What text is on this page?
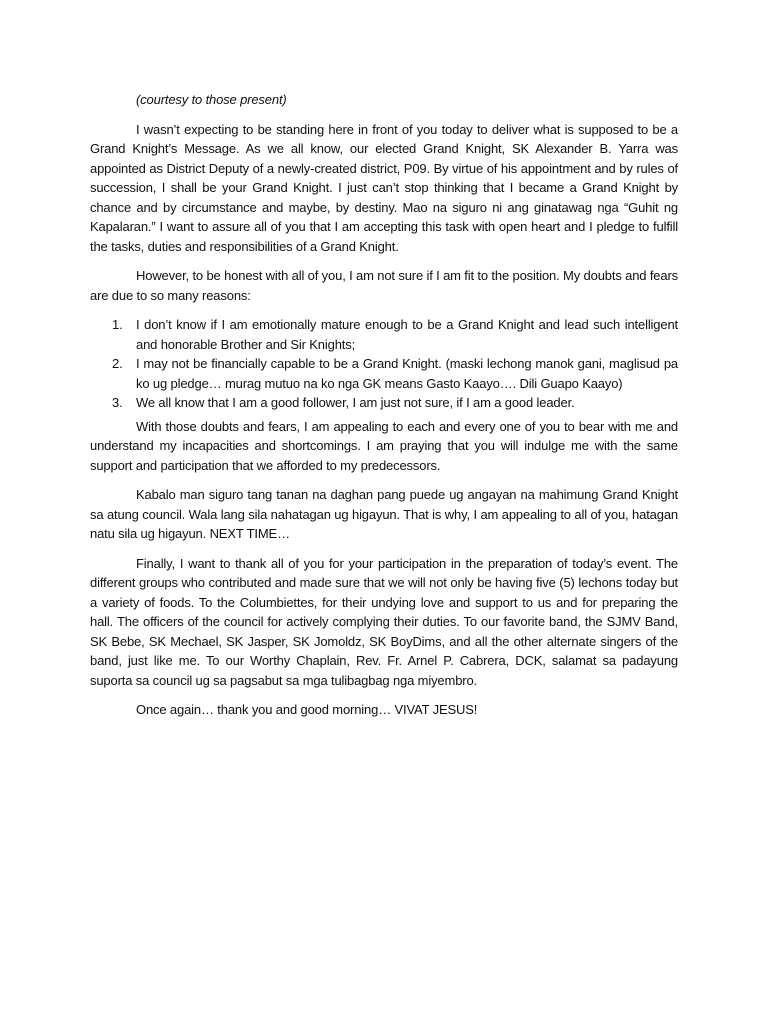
(courtesy to those present)

I wasn’t expecting to be standing here in front of you today to deliver what is supposed to be a Grand Knight’s Message. As we all know, our elected Grand Knight, SK Alexander B. Yarra was appointed as District Deputy of a newly-created district, P09. By virtue of his appointment and by rules of succession, I shall be your Grand Knight. I just can’t stop thinking that I became a Grand Knight by chance and by circumstance and maybe, by destiny. Mao na siguro ni ang ginatawag nga “Guhit ng Kapalaran.” I want to assure all of you that I am accepting this task with open heart and I pledge to fulfill the tasks, duties and responsibilities of a Grand Knight.

However, to be honest with all of you, I am not sure if I am fit to the position. My doubts and fears are due to so many reasons:

1.	I don’t know if I am emotionally mature enough to be a Grand Knight and lead such intelligent and honorable Brother and Sir Knights;
2.	I may not be financially capable to be a Grand Knight. (maski lechong manok gani, maglisud pa ko ug pledge… murag mutuo na ko nga GK means Gasto Kaayo…. Dili Guapo Kaayo)
3.	We all know that I am a good follower, I am just not sure, if I am a good leader.

With those doubts and fears, I am appealing to each and every one of you to bear with me and understand my incapacities and shortcomings. I am praying that you will indulge me with the same support and participation that we afforded to my predecessors.

Kabalo man siguro tang tanan na daghan pang puede ug angayan na mahimung Grand Knight sa atung council. Wala lang sila nahatagan ug higayun. That is why, I am appealing to all of you, hatagan natu sila ug higayun. NEXT TIME…

Finally, I want to thank all of you for your participation in the preparation of today’s event. The different groups who contributed and made sure that we will not only be having five (5) lechons today but a variety of foods. To the Columbiettes, for their undying love and support to us and for preparing the hall. The officers of the council for actively complying their duties. To our favorite band, the SJMV Band, SK Bebe, SK Mechael, SK Jasper, SK Jomoldz, SK BoyDims, and all the other alternate singers of the band, just like me. To our Worthy Chaplain, Rev. Fr. Arnel P. Cabrera, DCK, salamat sa padayung suporta sa council ug sa pagsabut sa mga tulibagbag nga miyembro.

Once again… thank you and good morning… VIVAT JESUS!
